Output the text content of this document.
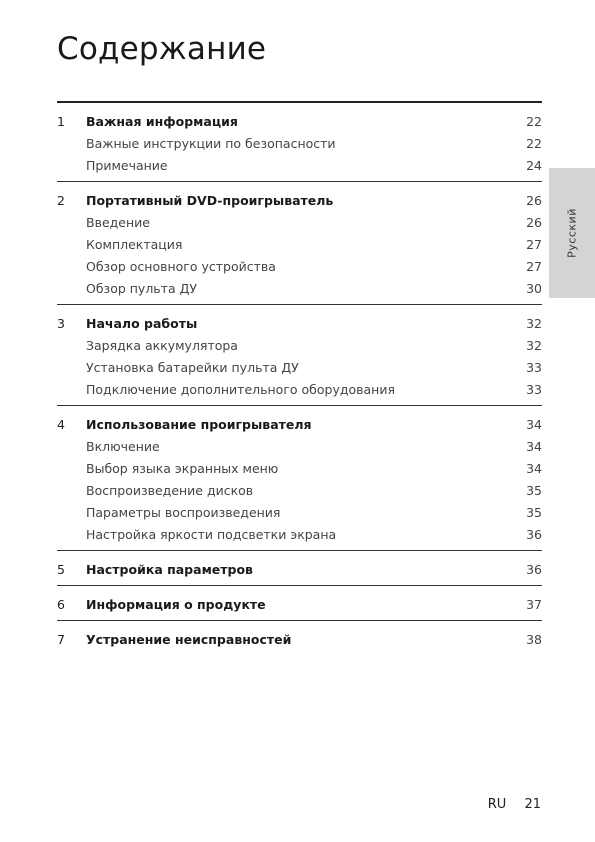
Содержание
1	Важная информация	22
Важные инструкции по безопасности	22
Примечание	24
2	Портативный DVD-проигрыватель	26
Введение	26
Комплектация	27
Обзор основного устройства	27
Обзор пульта ДУ	30
3	Начало работы	32
Зарядка аккумулятора	32
Установка батарейки пульта ДУ	33
Подключение дополнительного оборудования	33
4	Использование проигрывателя	34
Включение	34
Выбор языка экранных меню	34
Воспроизведение дисков	35
Параметры воспроизведения	35
Настройка яркости подсветки экрана	36
5	Настройка параметров	36
6	Информация о продукте	37
7	Устранение неисправностей	38
Русский
RU 21
